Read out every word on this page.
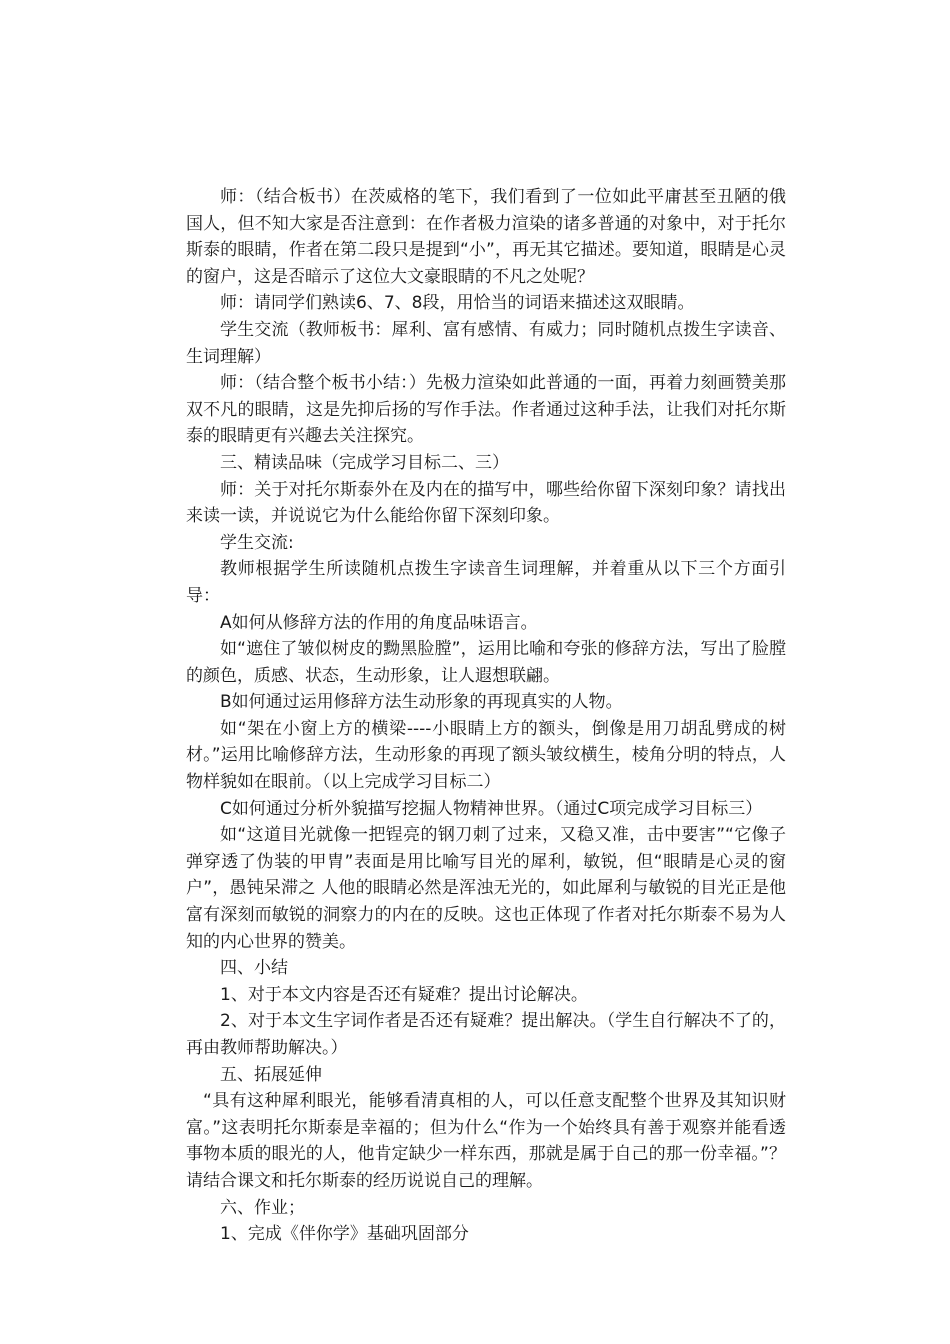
师：（结合板书）在茨威格的笔下，我们看到了一位如此平庸甚至丑陋的俄国人，但不知大家是否注意到：在作者极力渲染的诸多普通的对象中，对于托尔斯泰的眼睛，作者在第二段只是提到“小”，再无其它描述。要知道，眼睛是心灵的窗户，这是否暗示了这位大文豪眼睛的不凡之处呢？

师：请同学们熟读6、7、8段，用恰当的词语来描述这双眼睛。

学生交流（教师板书：犀利、富有感情、有威力；同时随机点拨生字读音、生词理解）

师：（结合整个板书小结：）先极力渲染如此普通的一面，再着力刻画赞美那双不凡的眼睛，这是先抑后扬的写作手法。作者通过这种手法，让我们对托尔斯泰的眼睛更有兴趣去关注探究。

三、精读品味（完成学习目标二、三）

师：关于对托尔斯泰外在及内在的描写中，哪些给你留下深刻印象？请找出来读一读，并说说它为什么能给你留下深刻印象。

学生交流:

教师根据学生所读随机点拨生字读音生词理解，并着重从以下三个方面引导：

A如何从修辞方法的作用的角度品味语言。

如“遮住了皱似树皮的黝黑脸膛”，运用比喻和夸张的修辞方法，写出了脸膛的颜色，质感、状态，生动形象，让人遐想联翩。

B如何通过运用修辞方法生动形象的再现真实的人物。

如“架在小窗上方的横梁----小眼睛上方的额头，倒像是用刀胡乱劈成的树材。”运用比喻修辞方法，生动形象的再现了额头皱纹横生，棱角分明的特点，人物样貌如在眼前。（以上完成学习目标二）

C如何通过分析外貌描写挖掘人物精神世界。（通过C项完成学习目标三）

如“这道目光就像一把锃亮的钢刀刺了过来，又稳又准，击中要害”“它像子弹穿透了伪装的甲胄”表面是用比喻写目光的犀利，敏锐，但“眼睛是心灵的窗户”，愚钝呆滞之 人他的眼睛必然是浑浊无光的，如此犀利与敏锐的目光正是他富有深刻而敏锐的洞察力的内在的反映。这也正体现了作者对托尔斯泰不易为人知的内心世界的赞美。

四、小结

1、对于本文内容是否还有疑难？提出讨论解决。

2、对于本文生字词作者是否还有疑难？提出解决。（学生自行解决不了的，再由教师帮助解决。）

五、拓展延伸

“具有这种犀利眼光，能够看清真相的人，可以任意支配整个世界及其知识财富。”这表明托尔斯泰是幸福的；但为什么“作为一个始终具有善于观察并能看透事物本质的眼光的人，他肯定缺少一样东西，那就是属于自己的那一份幸福。”？请结合课文和托尔斯泰的经历说说自己的理解。

六、作业；

1、完成《伴你学》基础巩固部分
